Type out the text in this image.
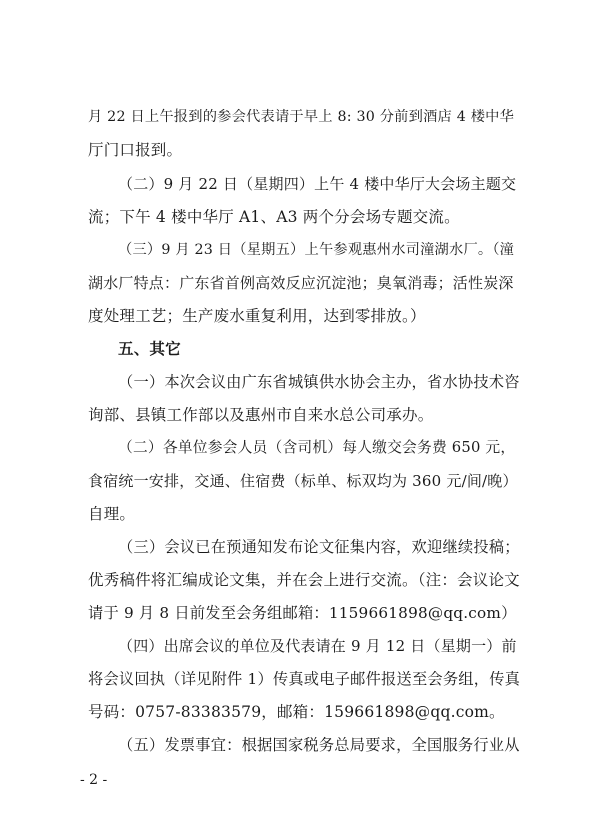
月 22 日上午报到的参会代表请于早上 8: 30 分前到酒店 4 楼中华
厅门口报到。
（二）9 月 22 日（星期四）上午 4 楼中华厅大会场主题交
流；下午 4 楼中华厅 A1、A3 两个分会场专题交流。
（三）9 月 23 日（星期五）上午参观惠州水司潼湖水厂。（潼
湖水厂特点：广东省首例高效反应沉淀池；臭氧消毒；活性炭深
度处理工艺；生产废水重复利用，达到零排放。）
五、其它
（一）本次会议由广东省城镇供水协会主办，省水协技术咨
询部、县镇工作部以及惠州市自来水总公司承办。
（二）各单位参会人员（含司机）每人缴交会务费 650 元，
食宿统一安排，交通、住宿费（标单、标双均为 360 元/间/晚）
自理。
（三）会议已在预通知发布论文征集内容，欢迎继续投稿；
优秀稿件将汇编成论文集，并在会上进行交流。（注：会议论文
请于 9 月 8 日前发至会务组邮箱：1159661898@qq.com）
（四）出席会议的单位及代表请在 9 月 12 日（星期一）前
将会议回执（详见附件 1）传真或电子邮件报送至会务组，传真
号码：0757-83383579，邮箱：159661898@qq.com。
（五）发票事宜：根据国家税务总局要求，全国服务行业从
- 2 -
